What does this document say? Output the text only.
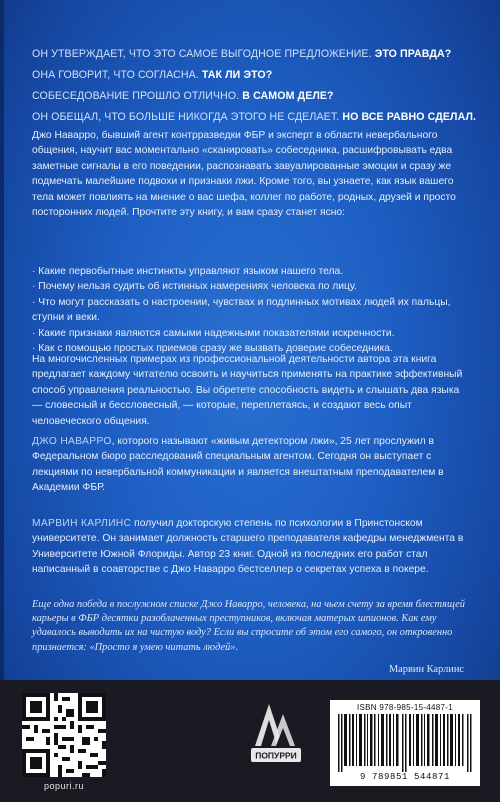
ОН УТВЕРЖДАЕТ, ЧТО ЭТО САМОЕ ВЫГОДНОЕ ПРЕДЛОЖЕНИЕ. ЭТО ПРАВДА?
ОНА ГОВОРИТ, ЧТО СОГЛАСНА. ТАК ЛИ ЭТО?
СОБЕСЕДОВАНИЕ ПРОШЛО ОТЛИЧНО. В САМОМ ДЕЛЕ?
ОН ОБЕЩАЛ, ЧТО БОЛЬШЕ НИКОГДА ЭТОГО НЕ СДЕЛАЕТ. НО ВСЕ РАВНО СДЕЛАЛ.
Джо Наварро, бывший агент контрразведки ФБР и эксперт в области невербального общения, научит вас моментально «сканировать» собеседника, расшифровывать едва заметные сигналы в его поведении, распознавать завуалированные эмоции и сразу же подмечать малейшие подвохи и признаки лжи. Кроме того, вы узнаете, как язык вашего тела может повлиять на мнение о вас шефа, коллег по работе, родных, друзей и просто посторонних людей. Прочтите эту книгу, и вам сразу станет ясно:
· Какие первобытные инстинкты управляют языком нашего тела.
· Почему нельзя судить об истинных намерениях человека по лицу.
· Что могут рассказать о настроении, чувствах и подлинных мотивах людей их пальцы, ступни и веки.
· Какие признаки являются самыми надежными показателями искренности.
· Как с помощью простых приемов сразу же вызвать доверие собеседника.
На многочисленных примерах из профессиональной деятельности автора эта книга предлагает каждому читателю освоить и научиться применять на практике эффективный способ управления реальностью. Вы обретете способность видеть и слышать два языка — словесный и бессловесный, — которые, переплетаясь, и создают весь опыт человеческого общения.
ДЖО НАВАРРО, которого называют «живым детектором лжи», 25 лет прослужил в Федеральном бюро расследований специальным агентом. Сегодня он выступает с лекциями по невербальной коммуникации и является внештатным преподавателем в Академии ФБР.
МАРВИН КАРЛИНС получил докторскую степень по психологии в Принстонском университете. Он занимает должность старшего преподавателя кафедры менеджмента в Университете Южной Флориды. Автор 23 книг. Одной из последних его работ стал написанный в соавторстве с Джо Наварро бестселлер о секретах успеха в покере.
Еще одна победа в послужном списке Джо Наварро, человека, на чьем счету за время блестящей карьеры в ФБР десятки разоблаченных преступников, включая матерых шпионов. Как ему удавалось выводить их на чистую воду? Если вы спросите об этом его самого, он откровенно признается: «Просто я умею читать людей».
Марвин Карлинс
popuri.ru
ПОПУРРИ
ISBN 978-985-15-4487-1
9 789851 544871
